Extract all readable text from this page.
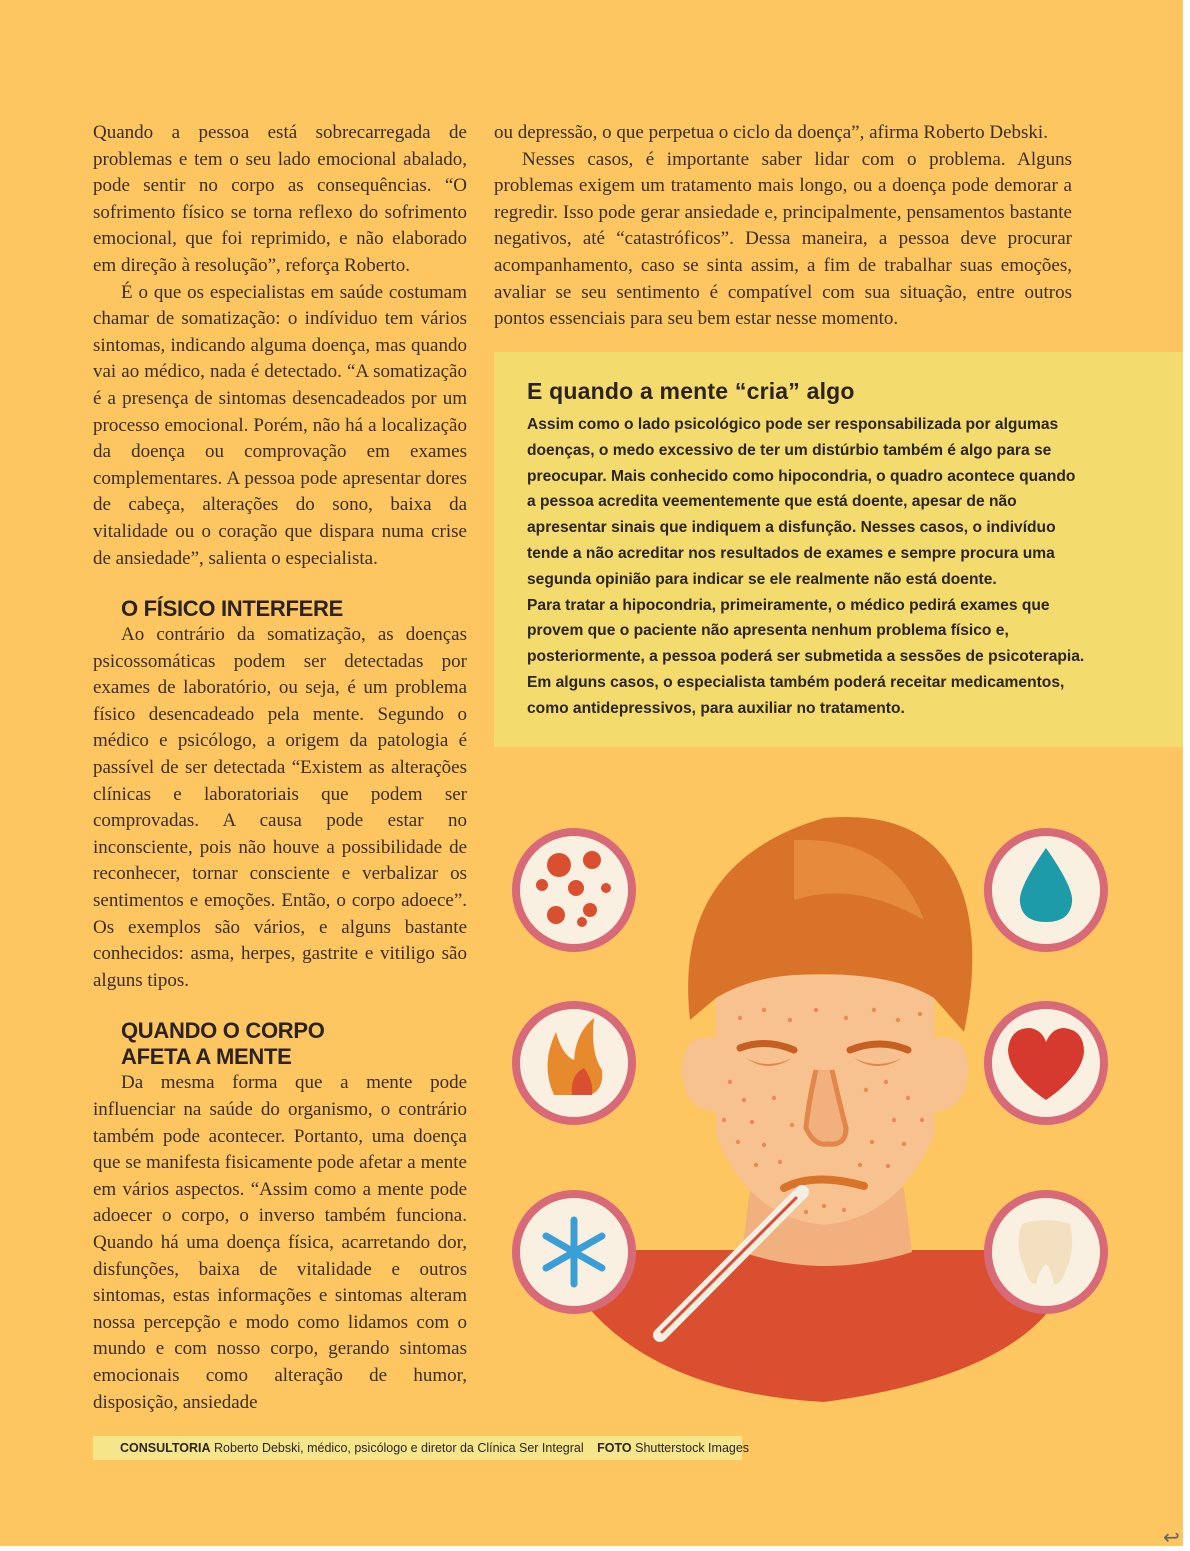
Quando a pessoa está sobrecarregada de problemas e tem o seu lado emocional abalado, pode sentir no corpo as consequências. “O sofrimento físico se torna reflexo do sofrimento emocional, que foi reprimido, e não elaborado em direção à resolução”, reforça Roberto.

É o que os especialistas em saúde costumam chamar de somatização: o indíviduo tem vários sintomas, indicando alguma doença, mas quando vai ao médico, nada é detectado. “A somatização é a presença de sintomas desencadeados por um processo emocional. Porém, não há a localização da doença ou comprovação em exames complementares. A pessoa pode apresentar dores de cabeça, alterações do sono, baixa da vitalidade ou o coração que dispara numa crise de ansiedade”, salienta o especialista.

O FÍSICO INTERFERE

Ao contrário da somatização, as doenças psicossomáticas podem ser detectadas por exames de laboratório, ou seja, é um problema físico desencadeado pela mente. Segundo o médico e psicólogo, a origem da patologia é passível de ser detectada “Existem as alterações clínicas e laboratoriais que podem ser comprovadas. A causa pode estar no inconsciente, pois não houve a possibilidade de reconhecer, tornar consciente e verbalizar os sentimentos e emoções. Então, o corpo adoece”. Os exemplos são vários, e alguns bastante conhecidos: asma, herpes, gastrite e vitiligo são alguns tipos.

QUANDO O CORPO
AFETA A MENTE

Da mesma forma que a mente pode influenciar na saúde do organismo, o contrário também pode acontecer. Portanto, uma doença que se manifesta fisicamente pode afetar a mente em vários aspectos. “Assim como a mente pode adoecer o corpo, o inverso também funciona. Quando há uma doença física, acarretando dor, disfunções, baixa de vitalidade e outros sintomas, estas informações e sintomas alteram nossa percepção e modo como lidamos com o mundo e com nosso corpo, gerando sintomas emocionais como alteração de humor, disposição, ansiedade

ou depressão, o que perpetua o ciclo da doença”, afirma Roberto Debski.

Nesses casos, é importante saber lidar com o problema. Alguns problemas exigem um tratamento mais longo, ou a doença pode demorar a regredir. Isso pode gerar ansiedade e, principalmente, pensamentos bastante negativos, até “catastróficos”. Dessa maneira, a pessoa deve procurar acompanhamento, caso se sinta assim, a fim de trabalhar suas emoções, avaliar se seu sentimento é compatível com sua situação, entre outros pontos essenciais para seu bem estar nesse momento.

E quando a mente “cria” algo

Assim como o lado psicológico pode ser responsabilizada por algumas doenças, o medo excessivo de ter um distúrbio também é algo para se preocupar. Mais conhecido como hipocondria, o quadro acontece quando a pessoa acredita veementemente que está doente, apesar de não apresentar sinais que indiquem a disfunção. Nesses casos, o indivíduo tende a não acreditar nos resultados de exames e sempre procura uma segunda opinião para indicar se ele realmente não está doente.

Para tratar a hipocondria, primeiramente, o médico pedirá exames que provem que o paciente não apresenta nenhum problema físico e, posteriormente, a pessoa poderá ser submetida a sessões de psicoterapia. Em alguns casos, o especialista também poderá receitar medicamentos, como antidepressivos, para auxiliar no tratamento.

CONSULTORIA Roberto Debski, médico, psicólogo e diretor da Clínica Ser Integral FOTO Shutterstock Images
↩
